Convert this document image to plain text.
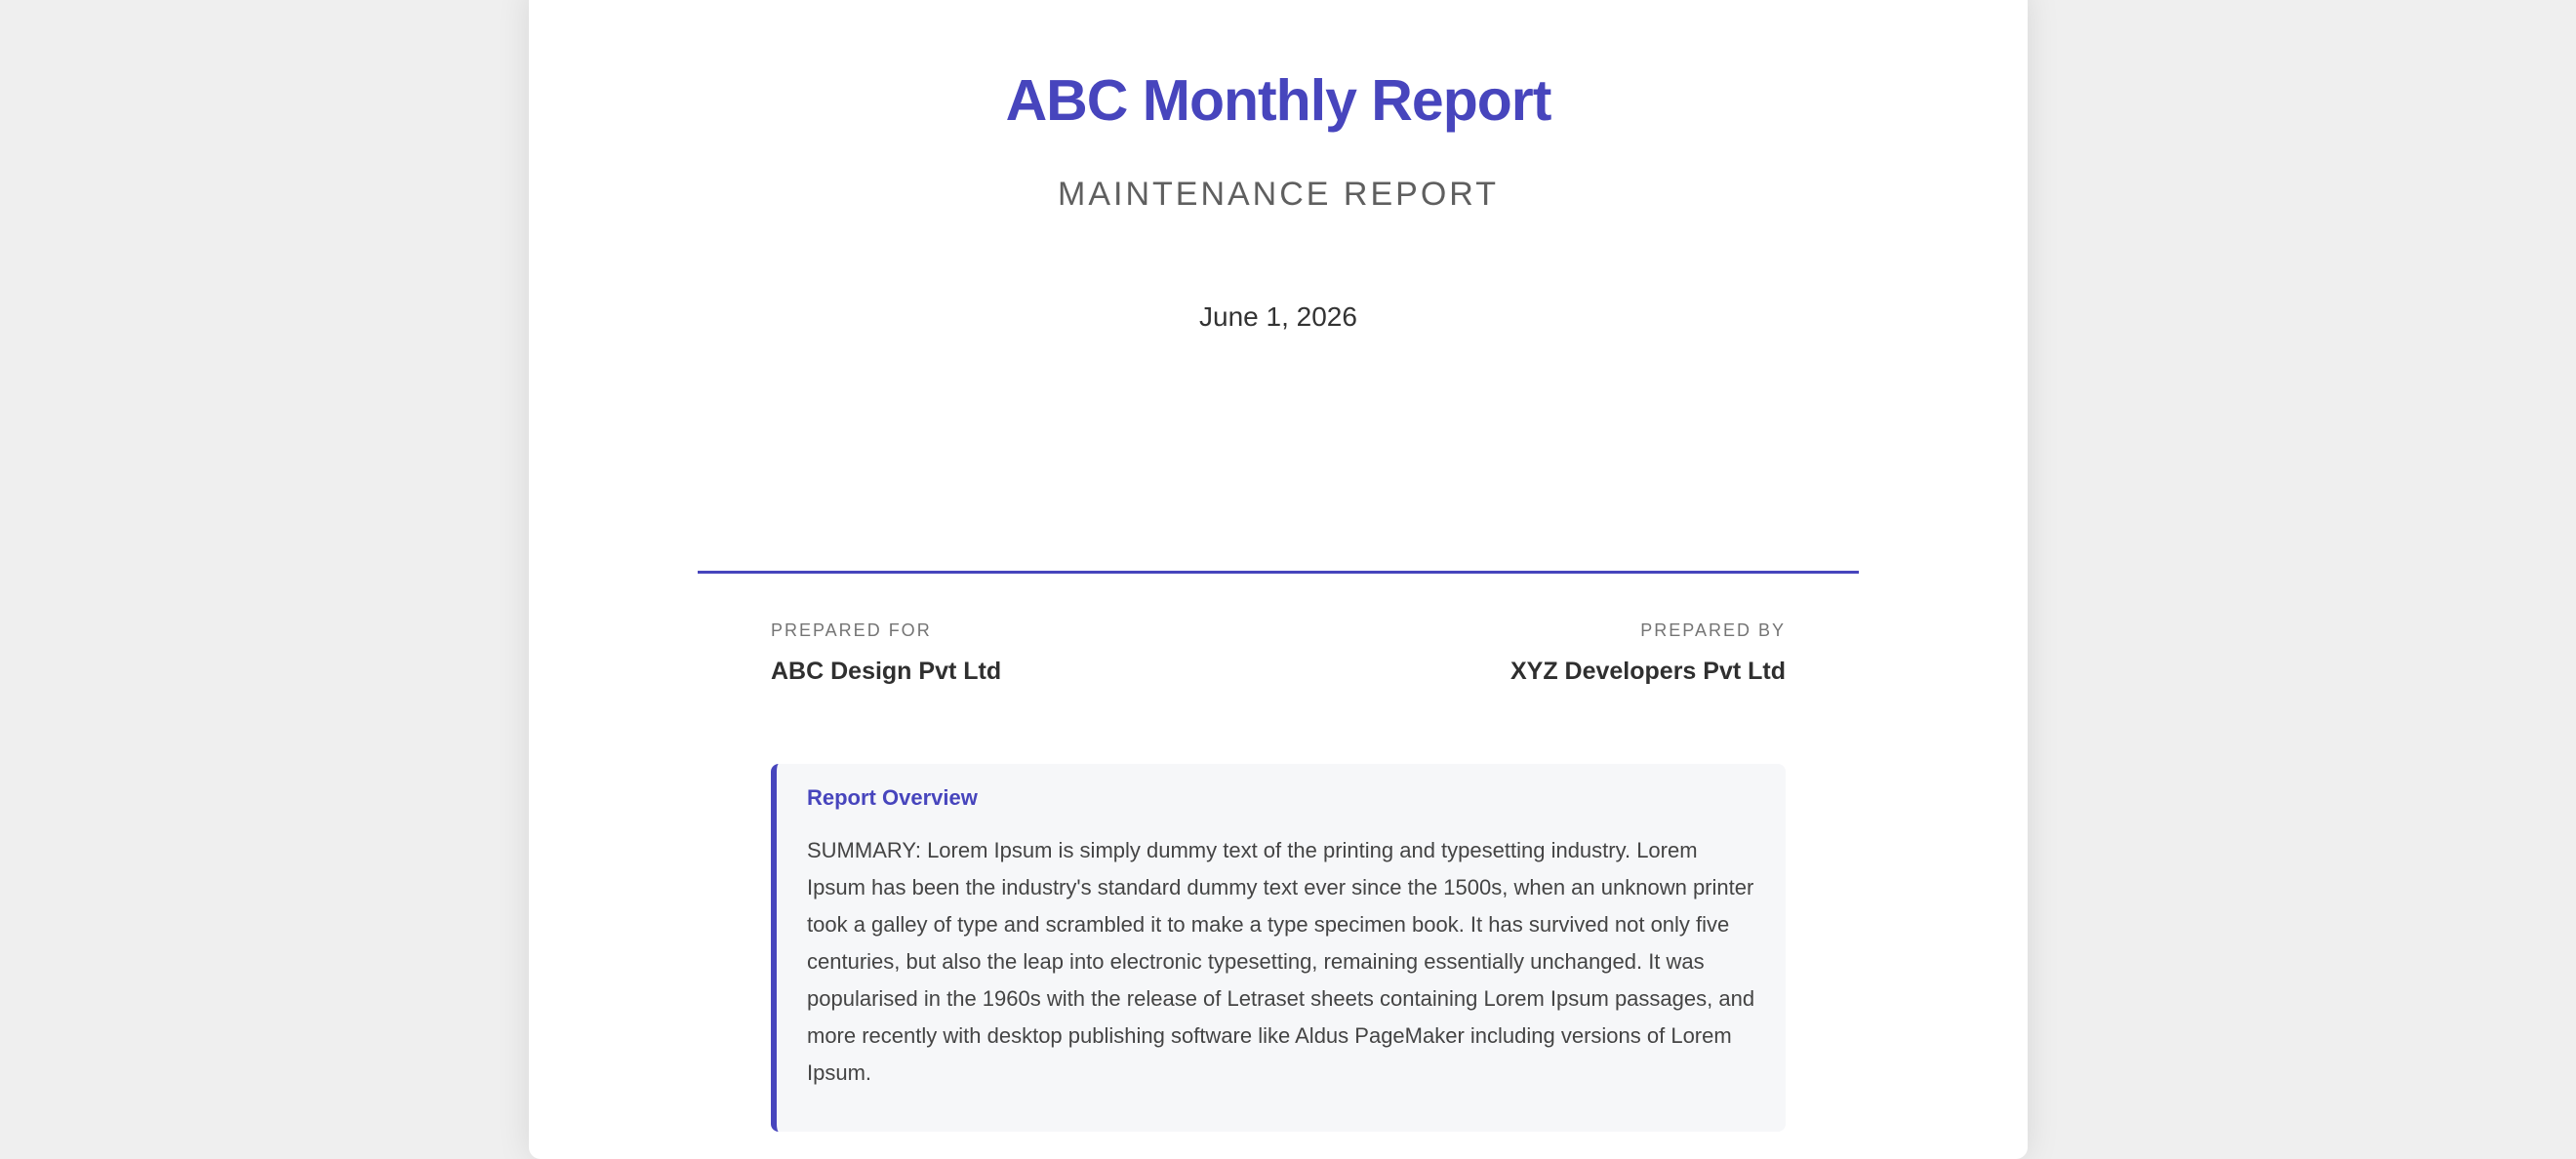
ABC Monthly Report
MAINTENANCE REPORT
June 1, 2026
PREPARED FOR
ABC Design Pvt Ltd
PREPARED BY
XYZ Developers Pvt Ltd
Report Overview
SUMMARY: Lorem Ipsum is simply dummy text of the printing and typesetting industry. Lorem Ipsum has been the industry's standard dummy text ever since the 1500s, when an unknown printer took a galley of type and scrambled it to make a type specimen book. It has survived not only five centuries, but also the leap into electronic typesetting, remaining essentially unchanged. It was popularised in the 1960s with the release of Letraset sheets containing Lorem Ipsum passages, and more recently with desktop publishing software like Aldus PageMaker including versions of Lorem Ipsum.
